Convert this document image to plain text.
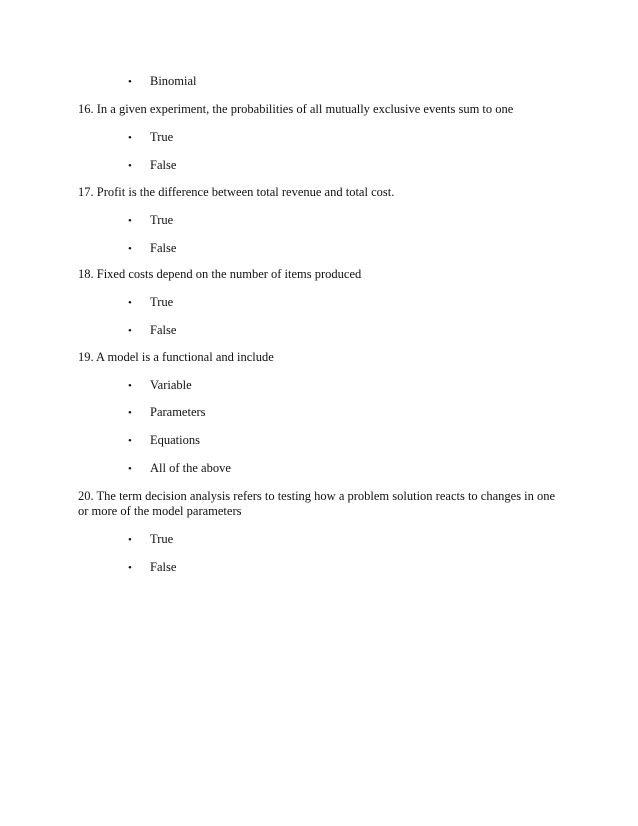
• Binomial
16. In a given experiment, the probabilities of all mutually exclusive events sum to one
• True
• False
17. Profit is the difference between total revenue and total cost.
• True
• False
18. Fixed costs depend on the number of items produced
• True
• False
19. A model is a functional and include
• Variable
• Parameters
• Equations
• All of the above
20. The term decision analysis refers to testing how a problem solution reacts to changes in one
or more of the model parameters
• True
• False
